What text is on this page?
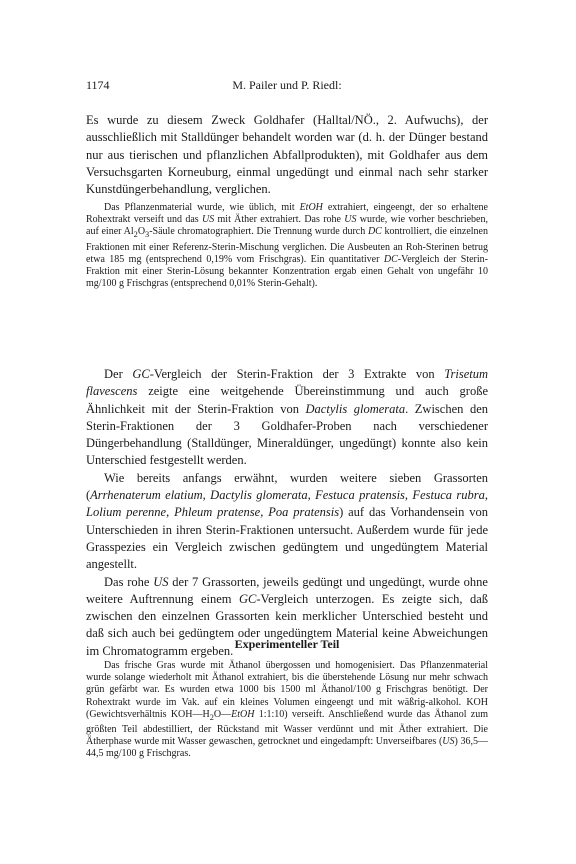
1174	M. Pailer und P. Riedl:

Es wurde zu diesem Zweck Goldhafer (Halltal/NÖ., 2. Aufwuchs), der ausschließlich mit Stalldünger behandelt worden war (d. h. der Dünger bestand nur aus tierischen und pflanzlichen Abfallprodukten), mit Goldhafer aus dem Versuchsgarten Korneuburg, einmal ungedüngt und einmal nach sehr starker Kunstdüngerbehandlung, verglichen.

Das Pflanzenmaterial wurde, wie üblich, mit EtOH extrahiert, eingeengt, der so erhaltene Rohextrakt verseift und das US mit Äther extrahiert. Das rohe US wurde, wie vorher beschrieben, auf einer $Al_2O_3$-Säule chromatographiert. Die Trennung wurde durch DC kontrolliert, die einzelnen Fraktionen mit einer Referenz-Sterin-Mischung verglichen. Die Ausbeuten an Roh-Sterinen betrug etwa 185 mg (entsprechend 0,19% vom Frischgras). Ein quantitativer DC-Vergleich der Sterin-Fraktion mit einer Sterin-Lösung bekannter Konzentration ergab einen Gehalt von ungefähr 10 mg/100 g Frischgras (entsprechend 0,01% Sterin-Gehalt).

Der GC-Vergleich der Sterin-Fraktion der 3 Extrakte von Trisetum flavescens zeigte eine weitgehende Übereinstimmung und auch große Ähnlichkeit mit der Sterin-Fraktion von Dactylis glomerata. Zwischen den Sterin-Fraktionen der 3 Goldhafer-Proben nach verschiedener Düngerbehandlung (Stalldünger, Mineraldünger, ungedüngt) konnte also kein Unterschied festgestellt werden.

Wie bereits anfangs erwähnt, wurden weitere sieben Grassorten (Arrhenaterum elatium, Dactylis glomerata, Festuca pratensis, Festuca rubra, Lolium perenne, Phleum pratense, Poa pratensis) auf das Vorhandensein von Unterschieden in ihren Sterin-Fraktionen untersucht. Außerdem wurde für jede Grasspezies ein Vergleich zwischen gedüngtem und ungedüngtem Material angestellt.

Das rohe US der 7 Grassorten, jeweils gedüngt und ungedüngt, wurde ohne weitere Auftrennung einem GC-Vergleich unterzogen. Es zeigte sich, daß zwischen den einzelnen Grassorten kein merklicher Unterschied besteht und daß sich auch bei gedüngtem oder ungedüngtem Material keine Abweichungen im Chromatogramm ergeben. Experimenteller Teil

Das frische Gras wurde mit Äthanol übergossen und homogenisiert. Das Pflanzenmaterial wurde solange wiederholt mit Äthanol extrahiert, bis die überstehende Lösung nur mehr schwach grün gefärbt war. Es wurden etwa 1000 bis 1500 ml Äthanol/100 g Frischgras benötigt. Der Rohextrakt wurde im Vak. auf ein kleines Volumen eingeengt und mit wäßrig-alkohol. KOH (Gewichtsverhältnis $KOH—H_2O—EtOH$ 1:1:10) verseift. Anschließend wurde das Äthanol zum größten Teil abdestilliert, der Rückstand mit Wasser verdünnt und mit Äther extrahiert. Die Ätherphase wurde mit Wasser gewaschen, getrocknet und eingedampft: Unverseifbares (US) 36,5—44,5 mg/100 g Frischgras.
